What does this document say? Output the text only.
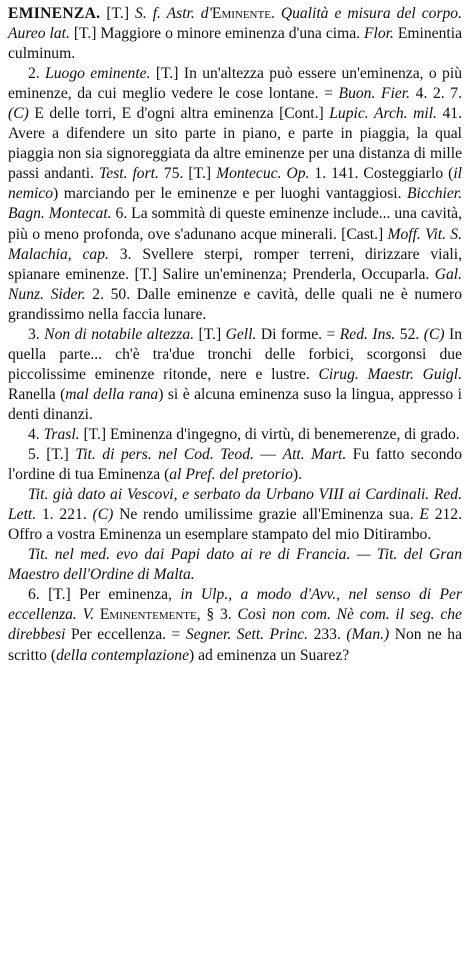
EMINENZA. [T.] S. f. Astr. d'Eminente. Qualità e misura del corpo. Aureo lat. [T.] Maggiore o minore eminenza d'una cima. Flor. Eminentia culminum.
2. Luogo eminente. [T.] In un'altezza può essere un'eminenza, o più eminenze, da cui meglio vedere le cose lontane. = Buon. Fier. 4. 2. 7. (C) E delle torri, E d'ogni altra eminenza [Cont.] Lupic. Arch. mil. 41. Avere a difendere un sito parte in piano, e parte in piaggia, la qual piaggia non sia signoreggiata da altre eminenze per una distanza di mille passi andanti. Test. fort. 75. [T.] Montecuc. Op. 1. 141. Costeggiarlo (il nemico) marciando per le eminenze e per luoghi vantaggiosi. Bicchier. Bagn. Montecat. 6. La sommità di queste eminenze include... una cavità, più o meno profonda, ove s'adunano acque minerali. [Cast.] Moff. Vit. S. Malachia, cap. 3. Svellere sterpi, romper terreni, dirizzare viali, spianare eminenze. [T.] Salire un'eminenza; Prenderla, Occuparla. Gal. Nunz. Sider. 2. 50. Dalle eminenze e cavità, delle quali ne è numero grandissimo nella faccia lunare.
3. Non di notabile altezza. [T.] Gell. Di forme. = Red. Ins. 52. (C) In quella parte... ch'è tra'due tronchi delle forbici, scorgonsi due piccolissime eminenze ritonde, nere e lustre. Cirug. Maestr. Guigl. Ranella (mal della rana) si è alcuna eminenza suso la lingua, appresso i denti dinanzi.
4. Trasl. [T.] Eminenza d'ingegno, di virtù, di benemerenze, di grado.
5. [T.] Tit. di pers. nel Cod. Teod. — Att. Mart. Fu fatto secondo l'ordine di tua Eminenza (al Pref. del pretorio).
Tit. già dato ai Vescovi, e serbato da Urbano VIII ai Cardinali. Red. Lett. 1. 221. (C) Ne rendo umilissime grazie all'Eminenza sua. E 212. Offro a vostra Eminenza un esemplare stampato del mio Ditirambo.
Tit. nel med. evo dai Papi dato ai re di Francia. — Tit. del Gran Maestro dell'Ordine di Malta.
6. [T.] Per eminenza, in Ulp., a modo d'Avv., nel senso di Per eccellenza. V. Eminentemente, § 3. Così non com. Nè com. il seg. che direbbesi Per eccellenza. = Segner. Sett. Princ. 233. (Man.) Non ne ha scritto (della contemplazione) ad eminenza un Suarez?
